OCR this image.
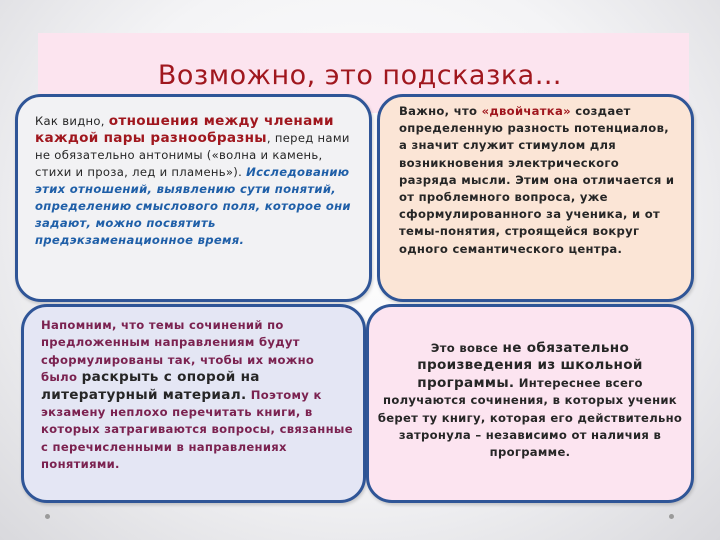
Возможно, это подсказка…

Как видно, отношения между членами каждой пары разнообразны, перед нами не обязательно антонимы («волна и камень, стихи и проза, лед и пламень»). Исследованию этих отношений, выявлению сути понятий, определению смыслового поля, которое они задают, можно посвятить предэкзаменационное время.

Важно, что «двойчатка» создает определенную разность потенциалов, а значит служит стимулом для возникновения электрического разряда мысли. Этим она отличается и от проблемного вопроса, уже сформулированного за ученика, и от темы-понятия, строящейся вокруг одного семантического центра.

Напомним, что темы сочинений по предложенным направлениям будут сформулированы так, чтобы их можно было раскрыть с опорой на литературный материал. Поэтому к экзамену неплохо перечитать книги, в которых затрагиваются вопросы, связанные с перечисленными в направлениях понятиями.

Это вовсе не обязательно произведения из школьной программы. Интереснее всего получаются сочинения, в которых ученик берет ту книгу, которая его действительно затронула – независимо от наличия в программе.
